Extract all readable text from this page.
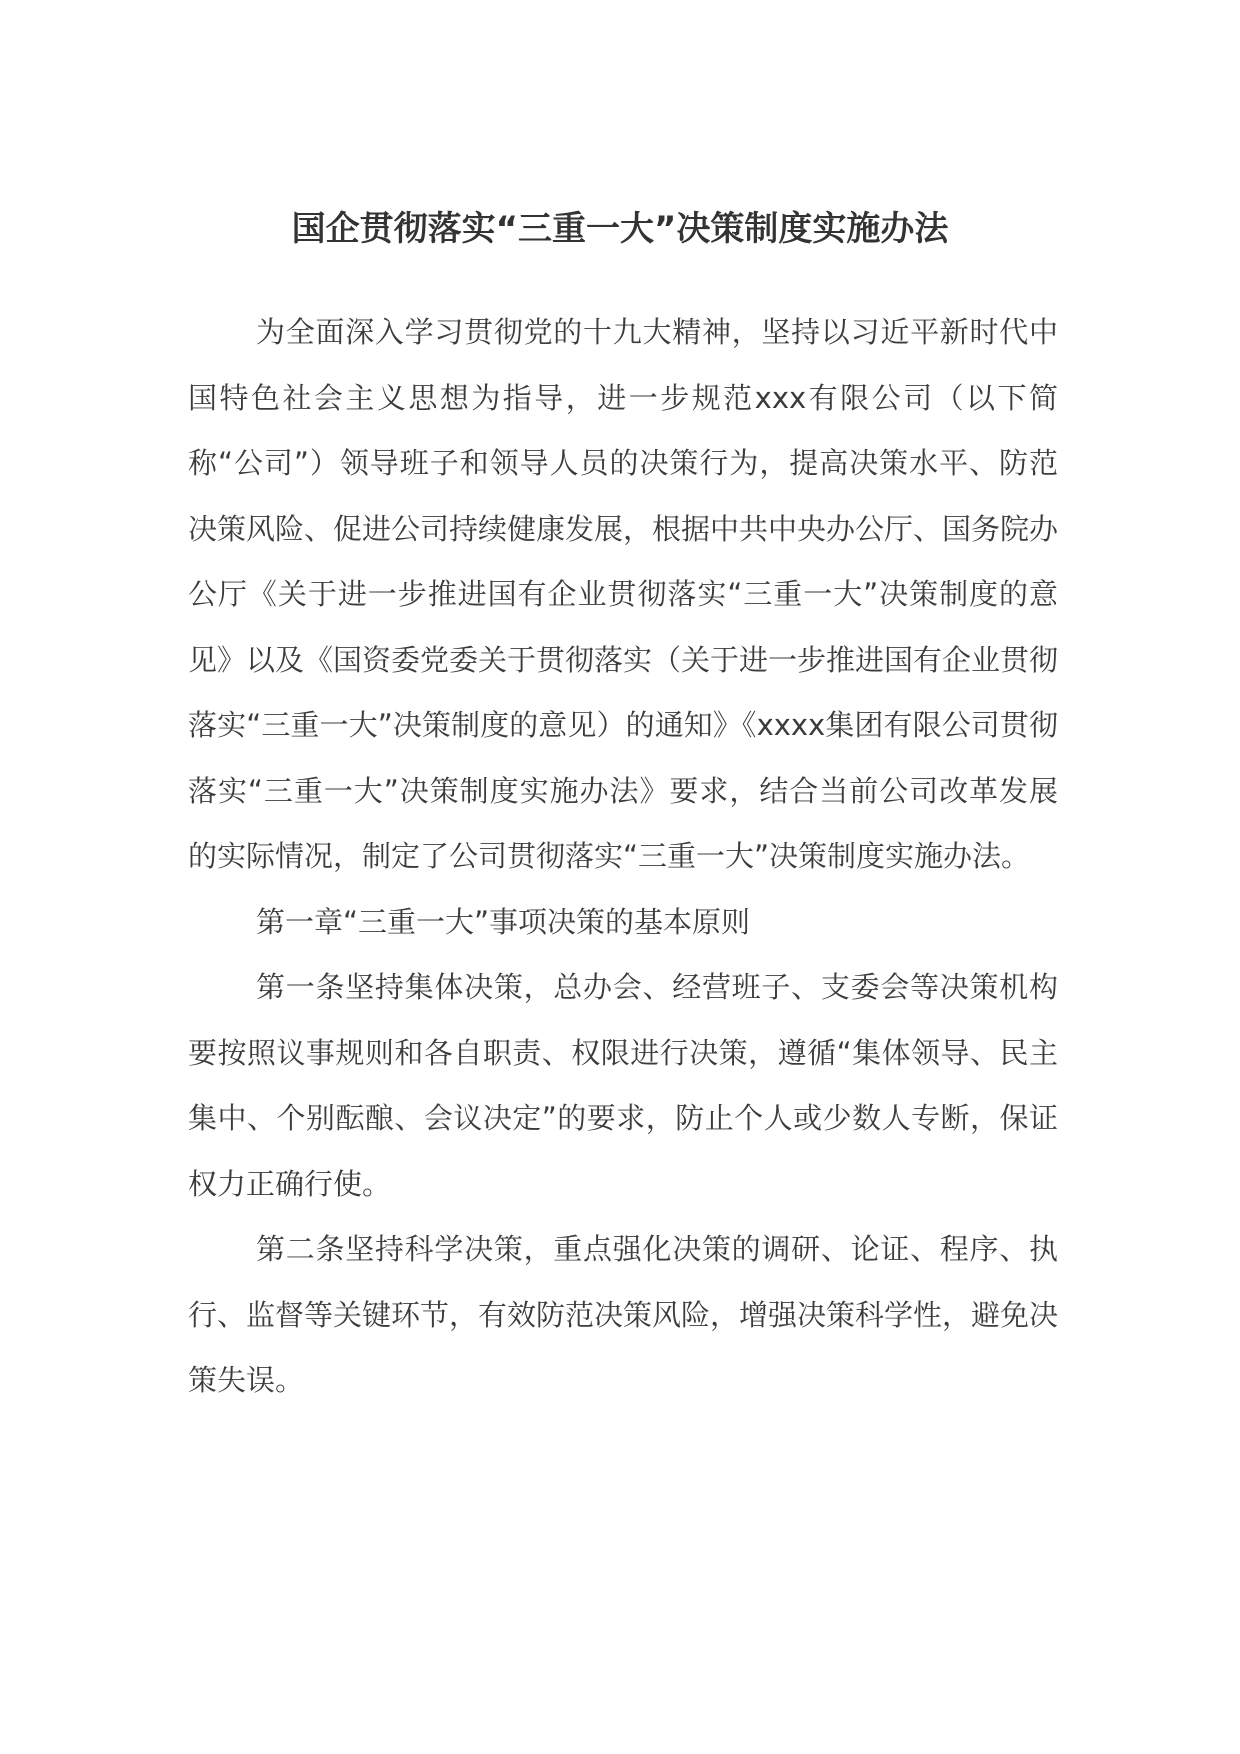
国企贯彻落实“三重一大”决策制度实施办法

为全面深入学习贯彻党的十九大精神，坚持以习近平新时代中国特色社会主义思想为指导，进一步规范xxx有限公司（以下简称“公司”）领导班子和领导人员的决策行为，提高决策水平、防范决策风险、促进公司持续健康发展，根据中共中央办公厅、国务院办公厅《关于进一步推进国有企业贯彻落实“三重一大”决策制度的意见》以及《国资委党委关于贯彻落实（关于进一步推进国有企业贯彻落实“三重一大”决策制度的意见）的通知》《xxxx集团有限公司贯彻落实“三重一大”决策制度实施办法》要求，结合当前公司改革发展的实际情况，制定了公司贯彻落实“三重一大”决策制度实施办法。

第一章“三重一大”事项决策的基本原则

第一条坚持集体决策，总办会、经营班子、支委会等决策机构要按照议事规则和各自职责、权限进行决策，遵循“集体领导、民主集中、个别酝酿、会议决定”的要求，防止个人或少数人专断，保证权力正确行使。

第二条坚持科学决策，重点强化决策的调研、论证、程序、执行、监督等关键环节，有效防范决策风险，增强决策科学性，避免决策失误。
